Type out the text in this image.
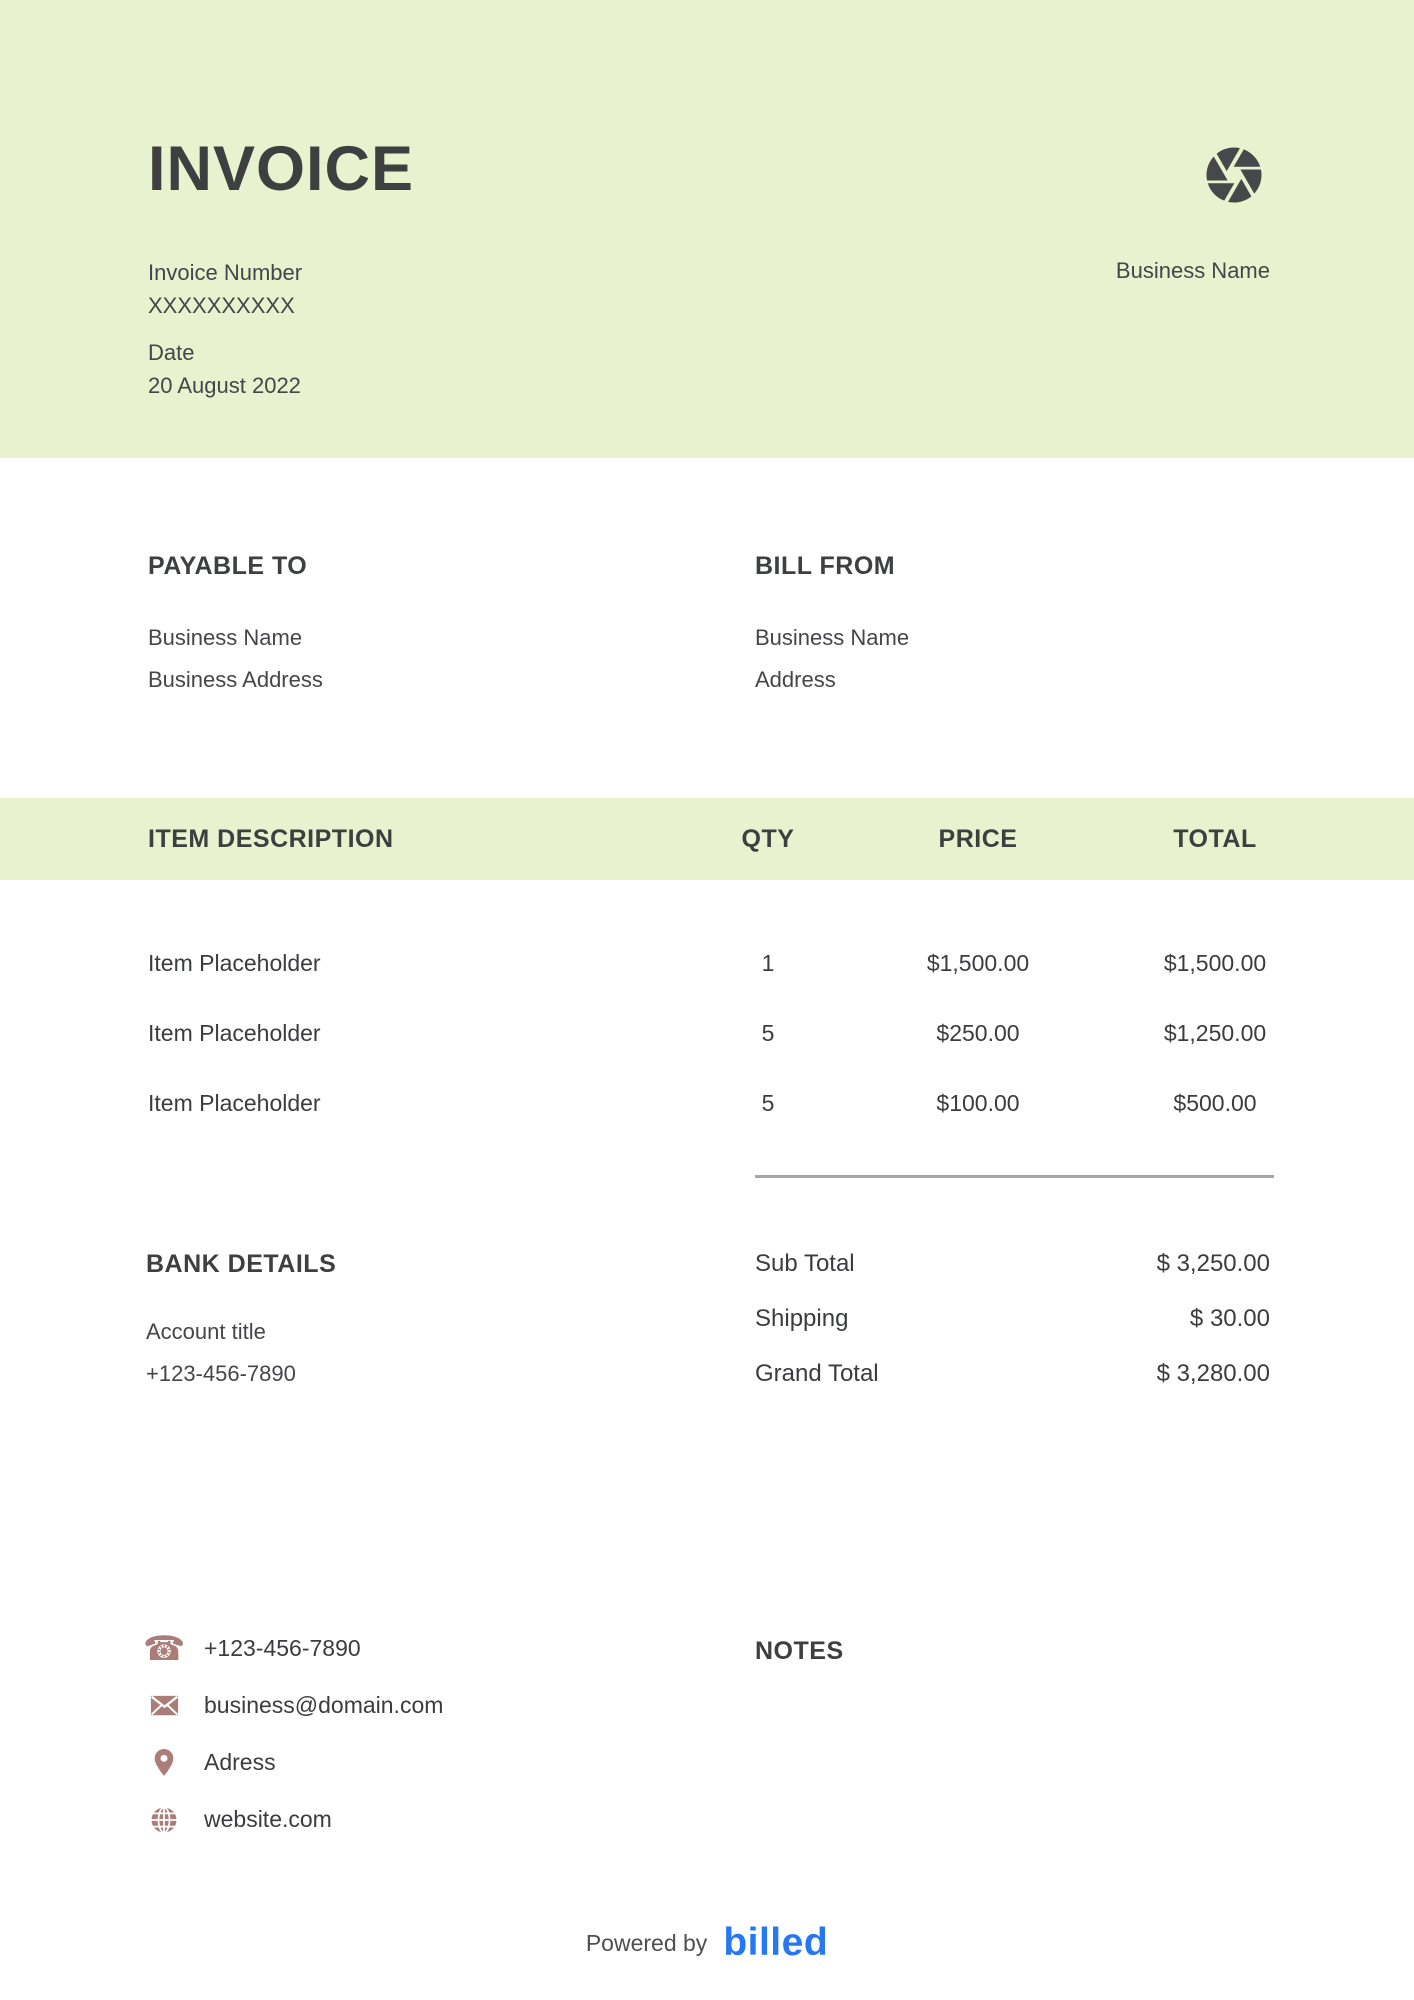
INVOICE
Invoice Number
XXXXXXXXXX
Date
20 August 2022
Business Name
PAYABLE TO
Business Name
Business Address
BILL FROM
Business Name
Address
ITEM DESCRIPTION	QTY	PRICE	TOTAL
Item Placeholder	1	$1,500.00	$1,500.00
Item Placeholder	5	$250.00	$1,250.00
Item Placeholder	5	$100.00	$500.00
BANK DETAILS
Account title
+123-456-7890
Sub Total	$ 3,250.00
Shipping	$ 30.00
Grand Total	$ 3,280.00
☎ +123-456-7890
business@domain.com
Adress
website.com
NOTES
Powered by billed
